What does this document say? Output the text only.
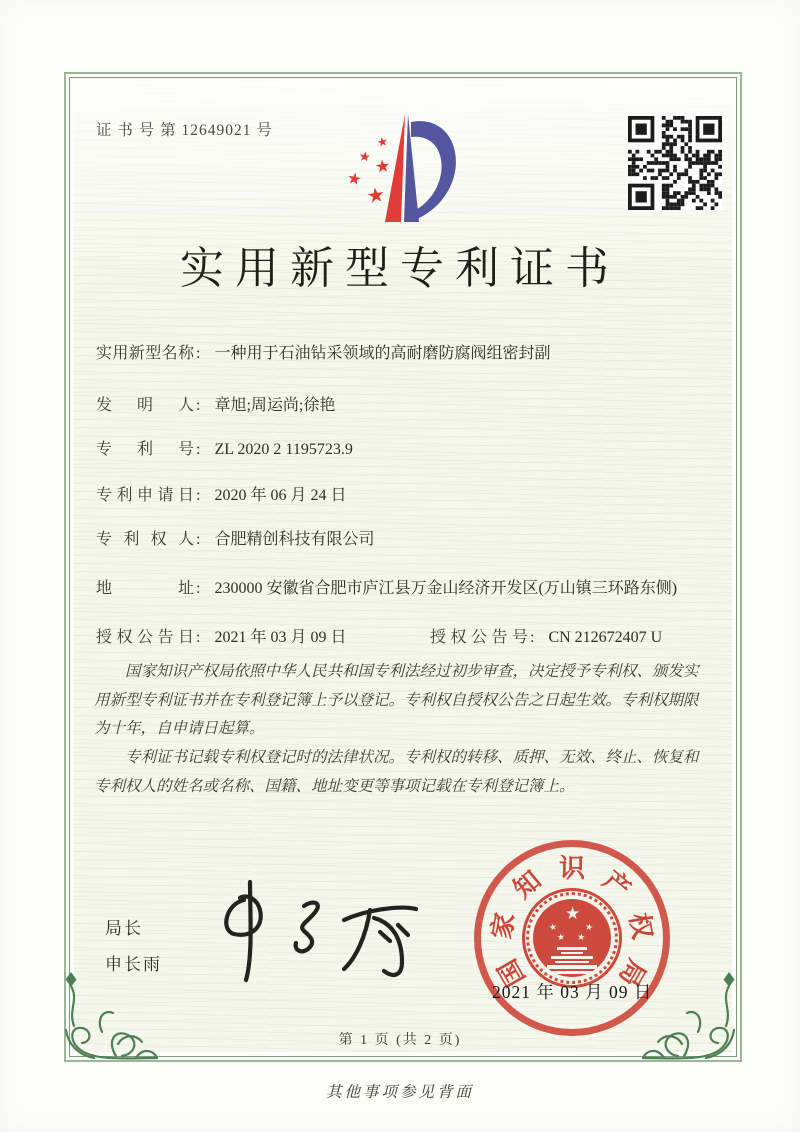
证 书 号 第 12649021 号
★
★ ★
★
★
实用新型专利证书
实用新型名称 : 一种用于石油钻采领域的高耐磨防腐阀组密封副
发明人 : 章旭;周运尚;徐艳
专利号 : ZL 2020 2 1195723.9
专利申请日 : 2020 年 06 月 24 日
专利权人 : 合肥精创科技有限公司
地址 : 230000 安徽省合肥市庐江县万金山经济开发区(万山镇三环路东侧)
授权公告日 : 2021 年 03 月 09 日	授权公告号 : CN 212672407 U

国家知识产权局依照中华人民共和国专利法经过初步审查，决定授予专利权、颁发实用新型专利证书并在专利登记簿上予以登记。专利权自授权公告之日起生效。专利权期限为十年，自申请日起算。

专利证书记载专利权登记时的法律状况。专利权的转移、质押、无效、终止、恢复和专利权人的姓名或名称、国籍、地址变更等事项记载在专利登记簿上。

局长
申长雨	国
家
知 识 产
权
局
★
★	★
★ ★
2021 年 03 月 09 日
第 1 页 (共 2 页)
其他事项参见背面
